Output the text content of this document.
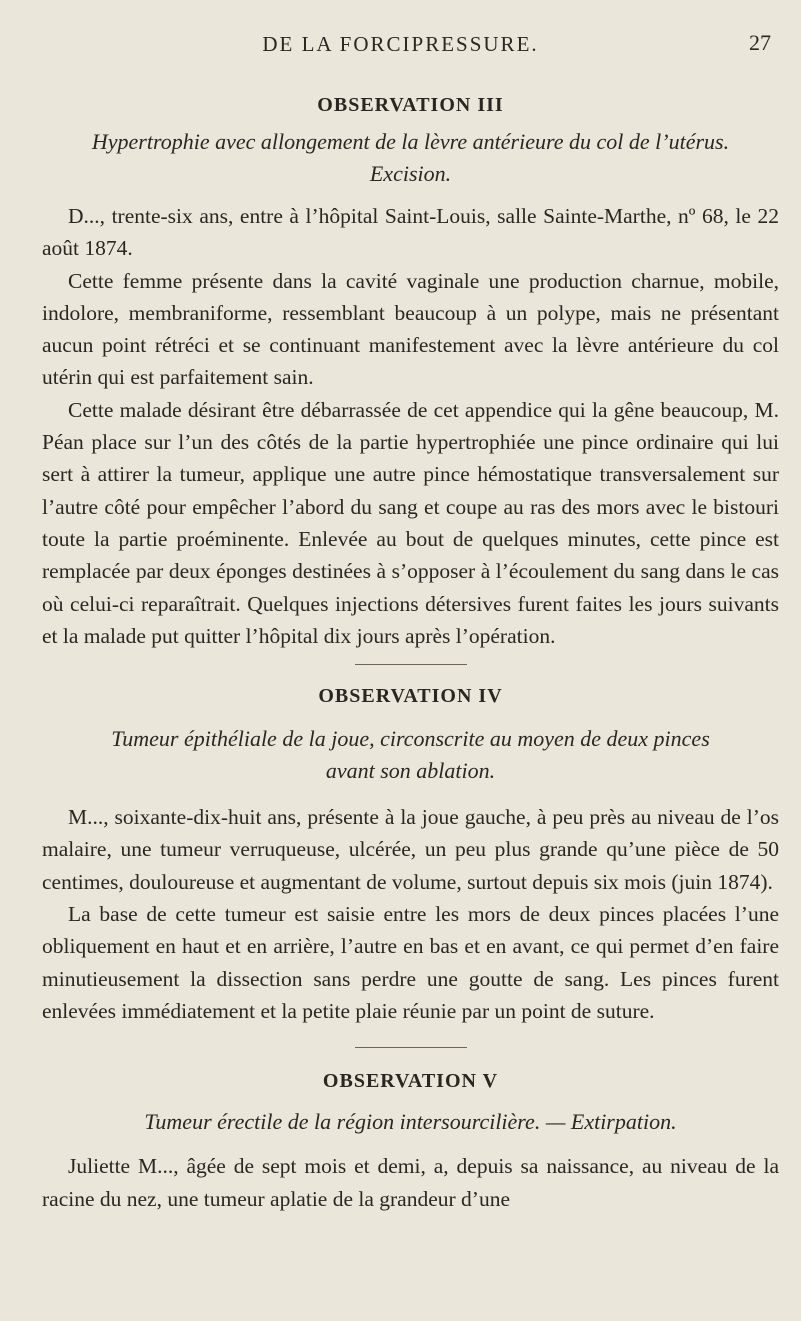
DE LA FORCIPRESSURE.	27
OBSERVATION III

Hypertrophie avec allongement de la lèvre antérieure du col de l’utérus.

Excision.

D..., trente-six ans, entre à l’hôpital Saint-Louis, salle Sainte-Marthe, nº 68, le 22 août 1874.

Cette femme présente dans la cavité vaginale une production charnue, mobile, indolore, membraniforme, ressemblant beaucoup à un polype, mais ne présentant aucun point rétréci et se continuant manifestement avec la lèvre antérieure du col utérin qui est parfaitement sain.

Cette malade désirant être débarrassée de cet appendice qui la gêne beaucoup, M. Péan place sur l’un des côtés de la partie hypertrophiée une pince ordinaire qui lui sert à attirer la tumeur, applique une autre pince hémostatique transversalement sur l’autre côté pour empêcher l’abord du sang et coupe au ras des mors avec le bistouri toute la partie proéminente. Enlevée au bout de quelques minutes, cette pince est remplacée par deux éponges destinées à s’opposer à l’écoulement du sang dans le cas où celui-ci reparaîtrait. Quelques injections détersives furent faites les jours suivants et la malade put quitter l’hôpital dix jours après l’opération.

OBSERVATION IV

Tumeur épithéliale de la joue, circonscrite au moyen de deux pinces

avant son ablation.

M..., soixante-dix-huit ans, présente à la joue gauche, à peu près au niveau de l’os malaire, une tumeur verruqueuse, ulcérée, un peu plus grande qu’une pièce de 50 centimes, douloureuse et augmentant de volume, surtout depuis six mois (juin 1874).

La base de cette tumeur est saisie entre les mors de deux pinces placées l’une obliquement en haut et en arrière, l’autre en bas et en avant, ce qui permet d’en faire minutieusement la dissection sans perdre une goutte de sang. Les pinces furent enlevées immédiatement et la petite plaie réunie par un point de suture.

OBSERVATION V

Tumeur érectile de la région intersourcilière. — Extirpation.

Juliette M..., âgée de sept mois et demi, a, depuis sa naissance, au niveau de la racine du nez, une tumeur aplatie de la grandeur d’une
